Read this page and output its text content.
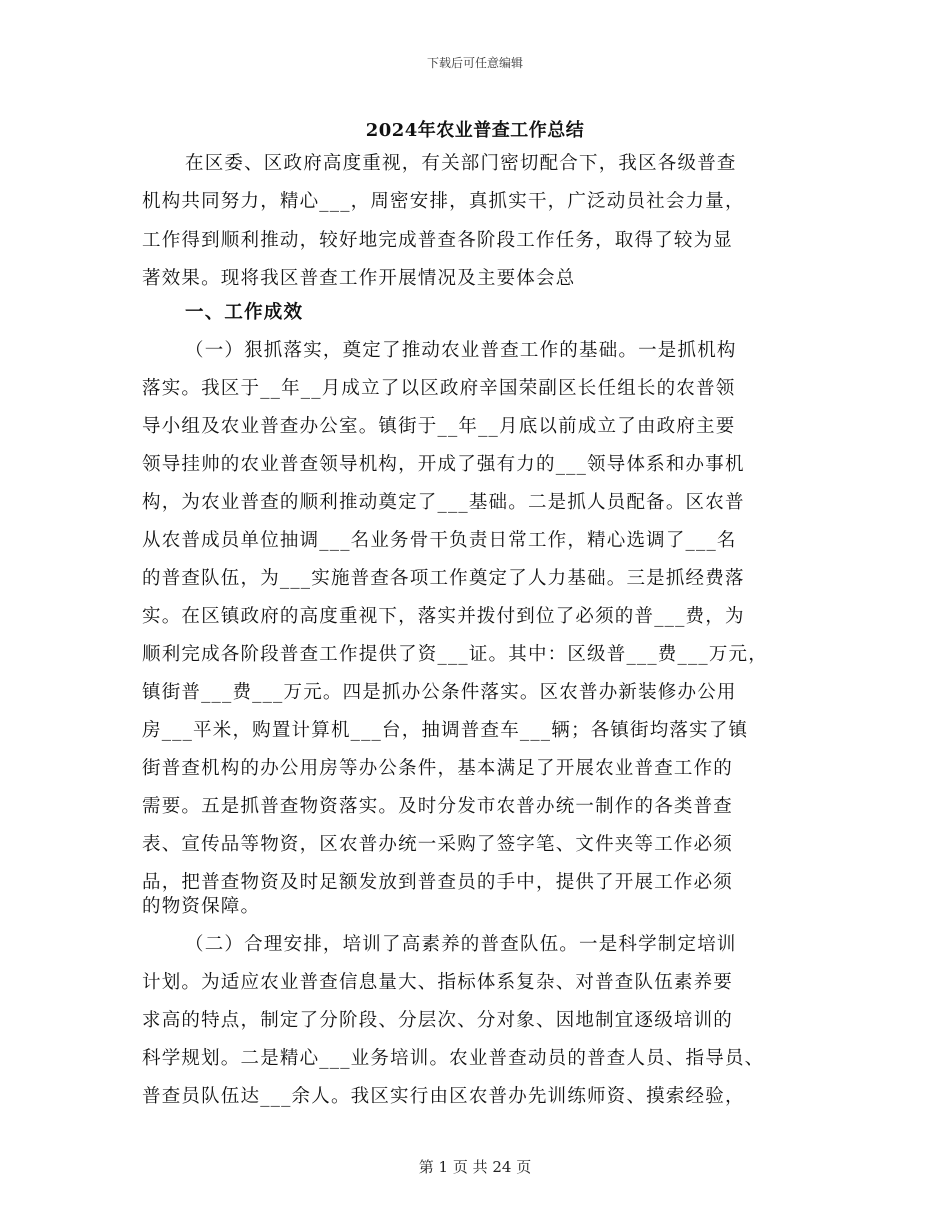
下载后可任意编辑
2024年农业普查工作总结
在区委、区政府高度重视，有关部门密切配合下，我区各级普查
机构共同努力，精心___，周密安排，真抓实干，广泛动员社会力量，
工作得到顺利推动，较好地完成普查各阶段工作任务，取得了较为显
著效果。现将我区普查工作开展情况及主要体会总
一、工作成效
（一）狠抓落实，奠定了推动农业普查工作的基础。一是抓机构
落实。我区于__年__月成立了以区政府辛国荣副区长任组长的农普领
导小组及农业普查办公室。镇街于__年__月底以前成立了由政府主要
领导挂帅的农业普查领导机构，开成了强有力的___领导体系和办事机
构，为农业普查的顺利推动奠定了___基础。二是抓人员配备。区农普
从农普成员单位抽调___名业务骨干负责日常工作，精心选调了___名
的普查队伍，为___实施普查各项工作奠定了人力基础。三是抓经费落
实。在区镇政府的高度重视下，落实并拨付到位了必须的普___费，为
顺利完成各阶段普查工作提供了资___证。其中：区级普___费___万元，
镇街普___费___万元。四是抓办公条件落实。区农普办新装修办公用
房___平米，购置计算机___台，抽调普查车___辆；各镇街均落实了镇
街普查机构的办公用房等办公条件，基本满足了开展农业普查工作的
需要。五是抓普查物资落实。及时分发市农普办统一制作的各类普查
表、宣传品等物资，区农普办统一采购了签字笔、文件夹等工作必须
品，把普查物资及时足额发放到普查员的手中，提供了开展工作必须
的物资保障。
（二）合理安排，培训了高素养的普查队伍。一是科学制定培训
计划。为适应农业普查信息量大、指标体系复杂、对普查队伍素养要
求高的特点，制定了分阶段、分层次、分对象、因地制宜逐级培训的
科学规划。二是精心___业务培训。农业普查动员的普查人员、指导员、
普查员队伍达___余人。我区实行由区农普办先训练师资、摸索经验，
第 1 页 共 24 页
